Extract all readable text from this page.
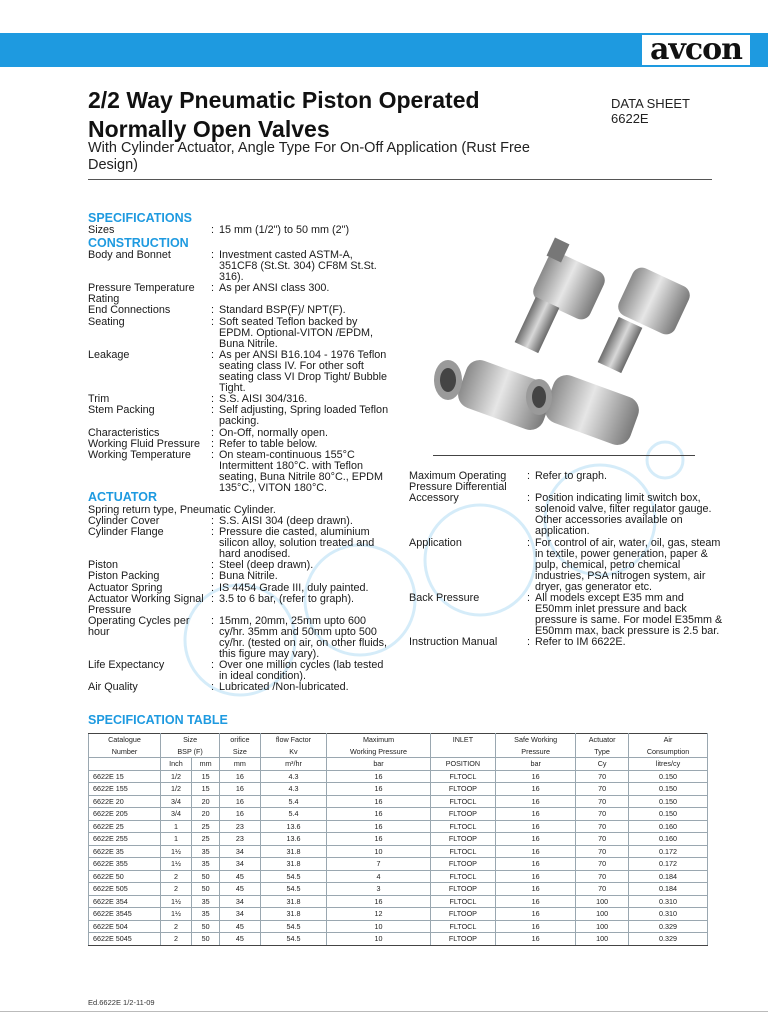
avcon
2/2 Way Pneumatic Piston Operated Normally Open Valves
With Cylinder Actuator, Angle Type For On-Off Application (Rust Free Design)
DATA SHEET
6622E
SPECIFICATIONS
Sizes	: 15 mm (1/2") to 50 mm (2")
CONSTRUCTION
Body and Bonnet	: Investment casted ASTM-A, 351CF8 (St.St. 304) CF8M St.St. 316).
Pressure Temperature Rating
: As per ANSI class 300.
End Connections	: Standard BSP(F)/ NPT(F).
Seating	: Soft seated Teflon backed by EPDM. Optional-VITON /EPDM, Buna Nitrile.
Leakage	: As per ANSI B16.104 - 1976 Teflon seating class IV. For other soft seating class VI Drop Tight/ Bubble Tight.
Trim	: S.S. AISI 304/316.
Stem Packing	: Self adjusting, Spring loaded Teflon packing.
Characteristics	: On-Off, normally open.
Working Fluid Pressure	: Refer to table below.
Working Temperature	: On steam-continuous 155°C Intermittent 180°C. with Teflon seating, Buna Nitrile 80°C., EPDM 135°C., VITON 180°C.
ACTUATOR
Spring return type, Pneumatic Cylinder.
Cylinder Cover	: S.S. AISI 304 (deep drawn).
Cylinder Flange	: Pressure die casted, aluminium silicon alloy, solution treated and hard anodised.
Piston	: Steel (deep drawn).
Piston Packing	: Buna Nitrile.
Actuator Spring	: IS 4454 Grade III, duly painted.
Actuator Working Signal Pressure
: 3.5 to 6 bar, (refer to graph).
Operating Cycles per hour
: 15mm, 20mm, 25mm upto 600 cy/hr. 35mm and 50mm upto 500 cy/hr. (tested on air, on other fluids, this figure may vary).
Life Expectancy	: Over one million cycles (lab tested in ideal condition).
Air Quality	: Lubricated /Non-lubricated.
Maximum Operating Pressure Differential
: Refer to graph.
Accessory	: Position indicating limit switch box, solenoid valve, filter regulator gauge. Other accessories available on application.
Application	: For control of air, water, oil, gas, steam in textile, power generation, paper & pulp, chemical, petro chemical industries, PSA nitrogen system, air dryer, gas generator etc.
Back Pressure	: All models except E35 mm and E50mm inlet pressure and back pressure is same. For model E35mm & E50mm max, back pressure is 2.5 bar.
Instruction Manual	: Refer to IM 6622E.
SPECIFICATION TABLE
Catalogue	Size		orifice	flow Factor	Maximum	INLET	Safe Working	Actuator	Air
Number	BSP (F)		Size	Kv	Working Pressure		Pressure	Type	Consumption
	Inch	mm	mm	m³/hr	bar	POSITION	bar	Cy	litres/cy
6622E 15	1/2	15	16	4.3	16	FLTOCL	16	70	0.150
6622E 155	1/2	15	16	4.3	16	FLTOOP	16	70	0.150
6622E 20	3/4	20	16	5.4	16	FLTOCL	16	70	0.150
6622E 205	3/4	20	16	5.4	16	FLTOOP	16	70	0.150
6622E 25	1	25	23	13.6	16	FLTOCL	16	70	0.160
6622E 255	1	25	23	13.6	16	FLTOOP	16	70	0.160
6622E 35	1½	35	34	31.8	10	FLTOCL	16	70	0.172
6622E 355	1½	35	34	31.8	7	FLTOOP	16	70	0.172
6622E 50	2	50	45	54.5	4	FLTOCL	16	70	0.184
6622E 505	2	50	45	54.5	3	FLTOOP	16	70	0.184
6622E 354	1½	35	34	31.8	16	FLTOCL	16	100	0.310
6622E 3545	1½	35	34	31.8	12	FLTOOP	16	100	0.310
6622E 504	2	50	45	54.5	10	FLTOCL	16	100	0.329
6622E 5045	2	50	45	54.5	10	FLTOOP	16	100	0.329
Ed.6622E 1/2-11-09
